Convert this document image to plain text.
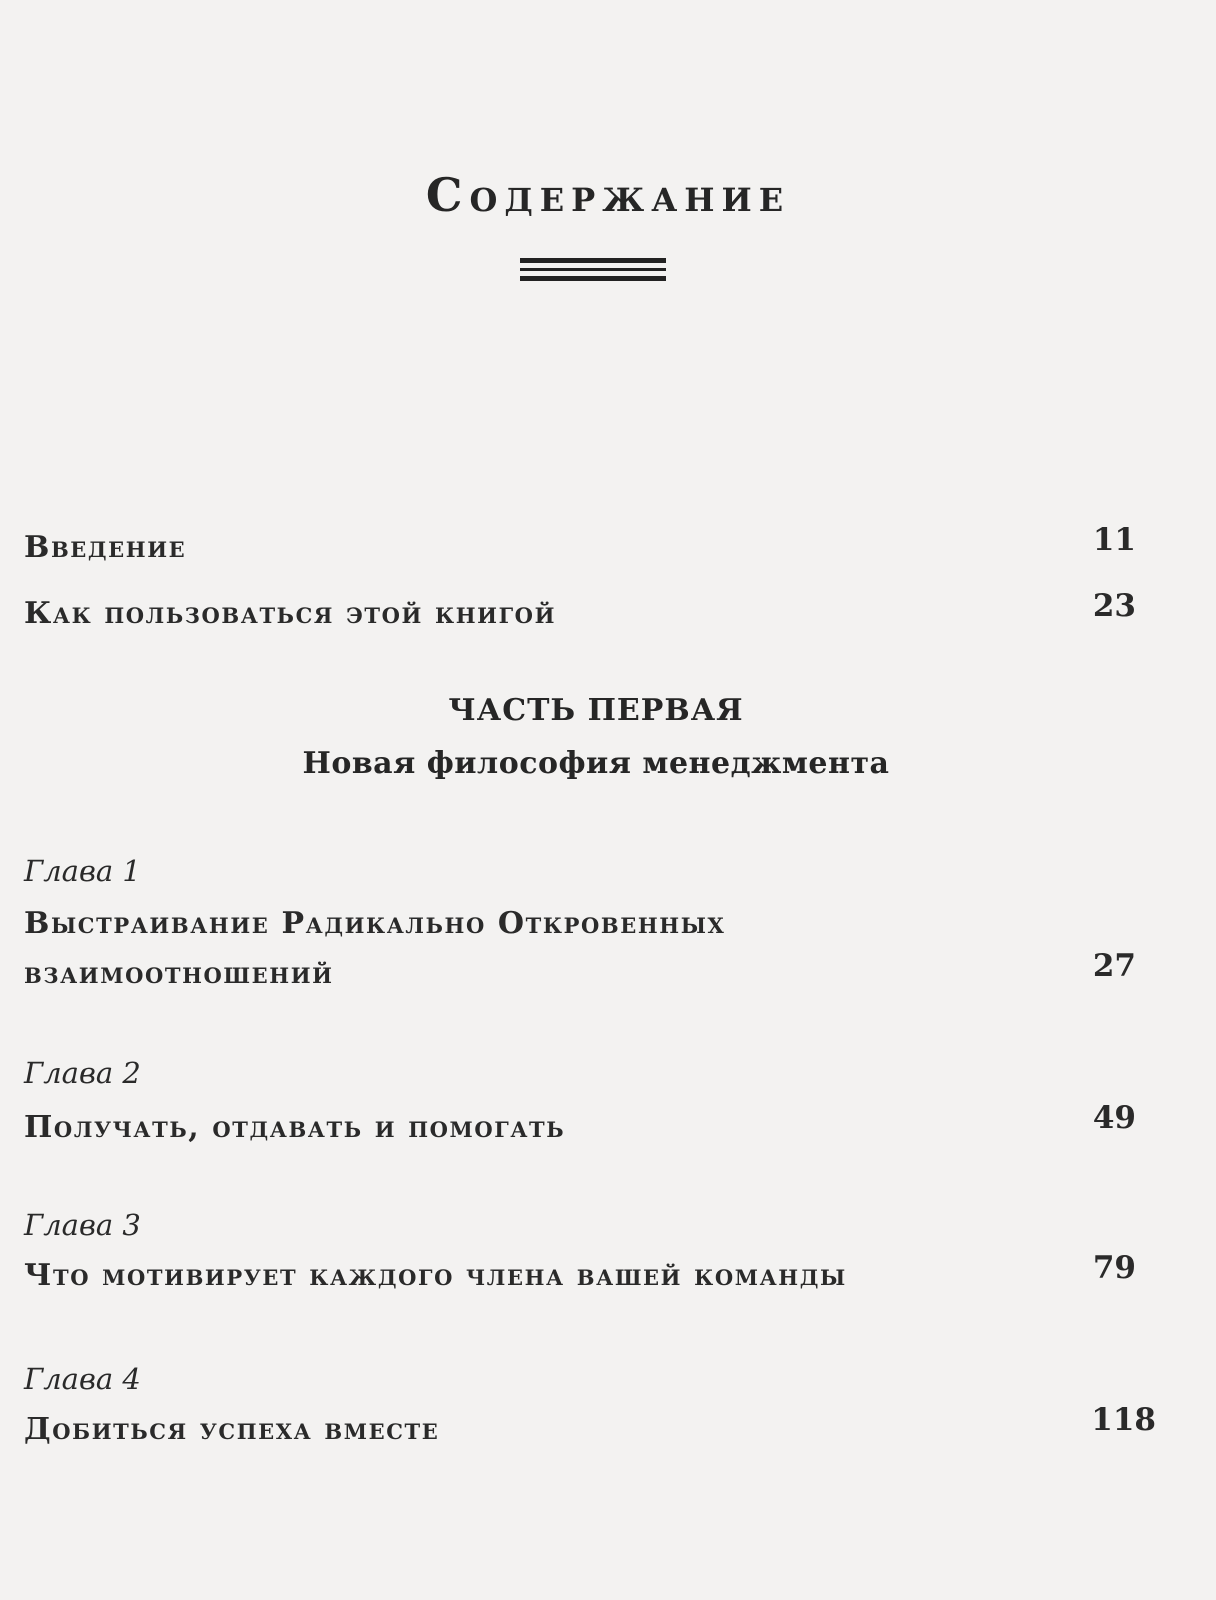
Содержание
Введение	11
Как пользоваться этой книгой	23
ЧАСТЬ ПЕРВАЯ
Новая философия менеджмента
Глава 1
Выстраивание Радикально Откровенных
взаимоотношений	27
Глава 2
Получать, отдавать и помогать	49
Глава 3
Что мотивирует каждого члена вашей команды	79
Глава 4
Добиться успеха вместе	118
